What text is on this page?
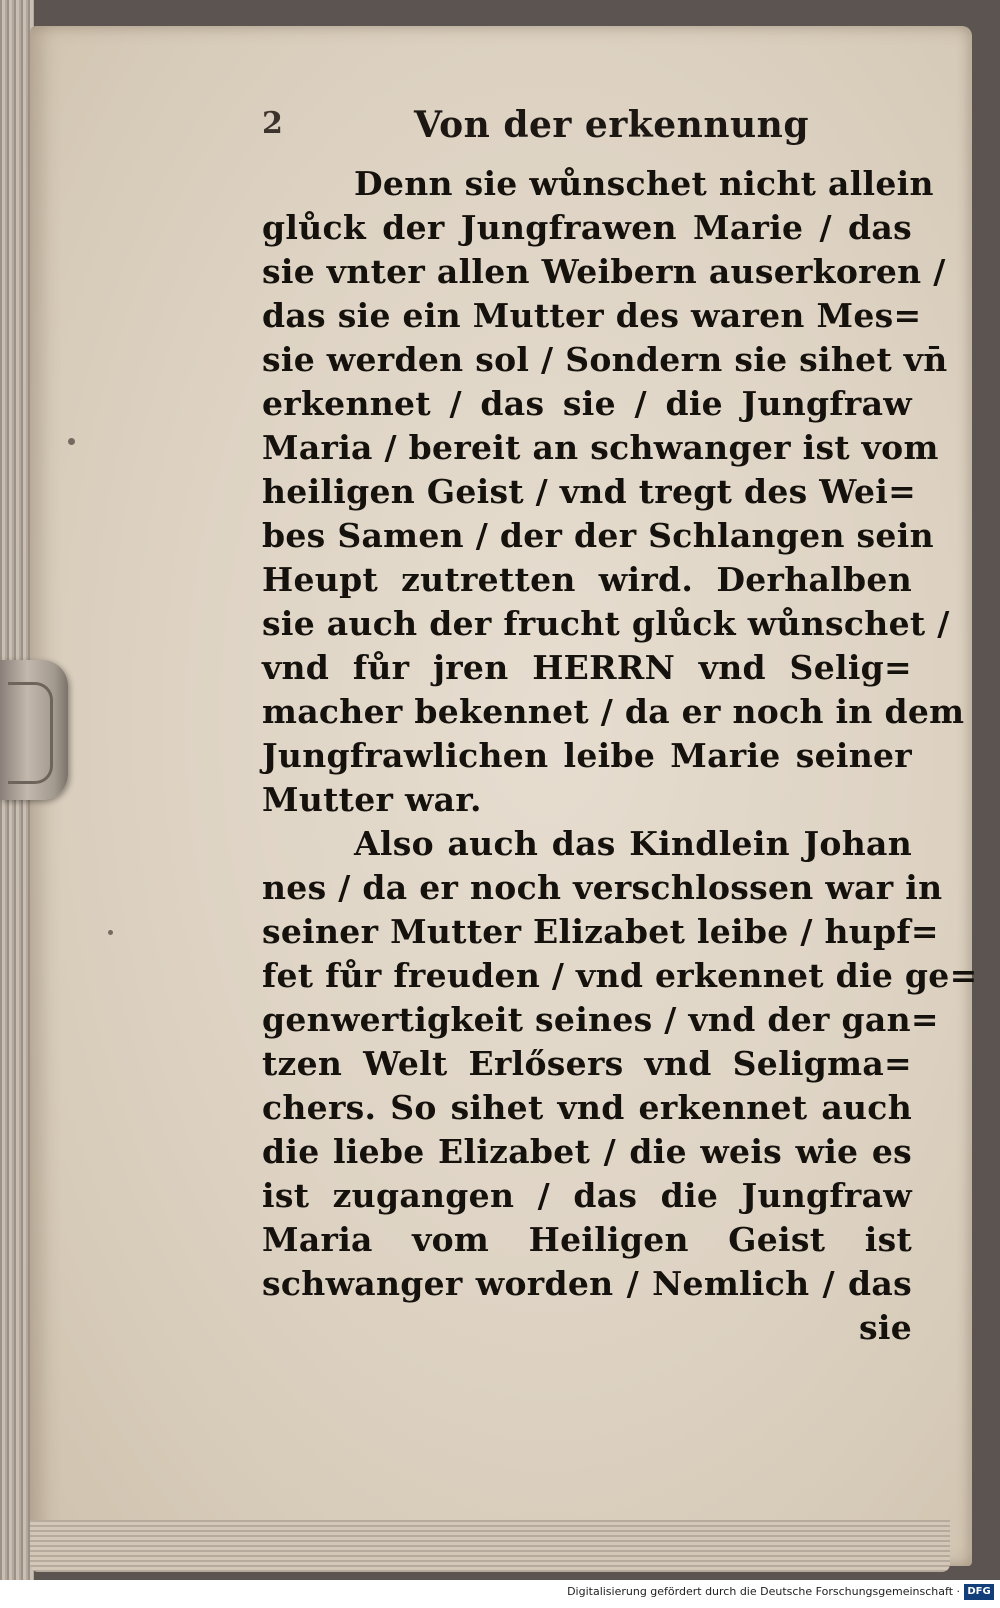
2	Von der erkennung
Denn sie wůnschet nicht allein
glůck der Jungfrawen Marie / das
sie vnter allen Weibern auserkoren /
das sie ein Mutter des waren Mes=
sie werden sol / Sondern sie sihet vn̄
erkennet / das sie / die Jungfraw
Maria / bereit an schwanger ist vom
heiligen Geist / vnd tregt des Wei=
bes Samen / der der Schlangen sein
Heupt zutretten wird. Derhalben
sie auch der frucht glůck wůnschet /
vnd fůr jren HERRN vnd Selig=
macher bekennet / da er noch in dem
Jungfrawlichen leibe Marie seiner
Mutter war.
Also auch das Kindlein Johan
nes / da er noch verschlossen war in
seiner Mutter Elizabet leibe / hupf=
fet fůr freuden / vnd erkennet die ge=
genwertigkeit seines / vnd der gan=
tzen Welt Erlősers vnd Seligma=
chers. So sihet vnd erkennet auch
die liebe Elizabet / die weis wie es
ist zugangen / das die Jungfraw
Maria vom Heiligen Geist ist
schwanger worden / Nemlich / das
sie
Digitalisierung gefördert durch die Deutsche Forschungsgemeinschaft · DFG
